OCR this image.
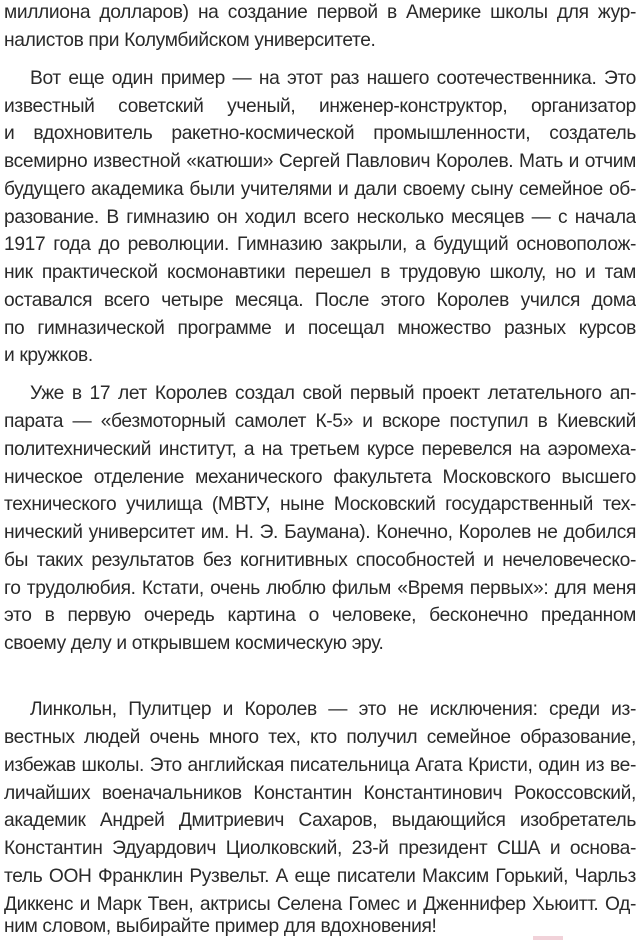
миллиона долларов) на создание первой в Америке школы для жур-
налистов при Колумбийском университете.
Вот еще один пример — на этот раз нашего соотечественника. Это
известный советский ученый, инженер-конструктор, организатор
и вдохновитель ракетно-космической промышленности, создатель
всемирно известной «катюши» Сергей Павлович Королев. Мать и отчим
будущего академика были учителями и дали своему сыну семейное об-
разование. В гимназию он ходил всего несколько месяцев — с начала
1917 года до революции. Гимназию закрыли, а будущий основополож-
ник практической космонавтики перешел в трудовую школу, но и там
оставался всего четыре месяца. После этого Королев учился дома
по гимназической программе и посещал множество разных курсов
и кружков.
Уже в 17 лет Королев создал свой первый проект летательного ап-
парата — «безмоторный самолет К-5» и вскоре поступил в Киевский
политехнический институт, а на третьем курсе перевелся на аэромеха-
ническое отделение механического факультета Московского высшего
технического училища (МВТУ, ныне Московский государственный тех-
нический университет им. Н. Э. Баумана). Конечно, Королев не добился
бы таких результатов без когнитивных способностей и нечеловеческо-
го трудолюбия. Кстати, очень люблю фильм «Время первых»: для меня
это в первую очередь картина о человеке, бесконечно преданном
своему делу и открывшем космическую эру.
Линкольн, Пулитцер и Королев — это не исключения: среди из-
вестных людей очень много тех, кто получил семейное образование,
избежав школы. Это английская писательница Агата Кристи, один из ве-
личайших военачальников Константин Константинович Рокоссовский,
академик Андрей Дмитриевич Сахаров, выдающийся изобретатель
Константин Эдуардович Циолковский, 23-й президент США и основа-
тель ООН Франклин Рузвельт. А еще писатели Максим Горький, Чарльз
Диккенс и Марк Твен, актрисы Селена Гомес и Дженнифер Хьюитт. Од-
ним словом, выбирайте пример для вдохновения!
